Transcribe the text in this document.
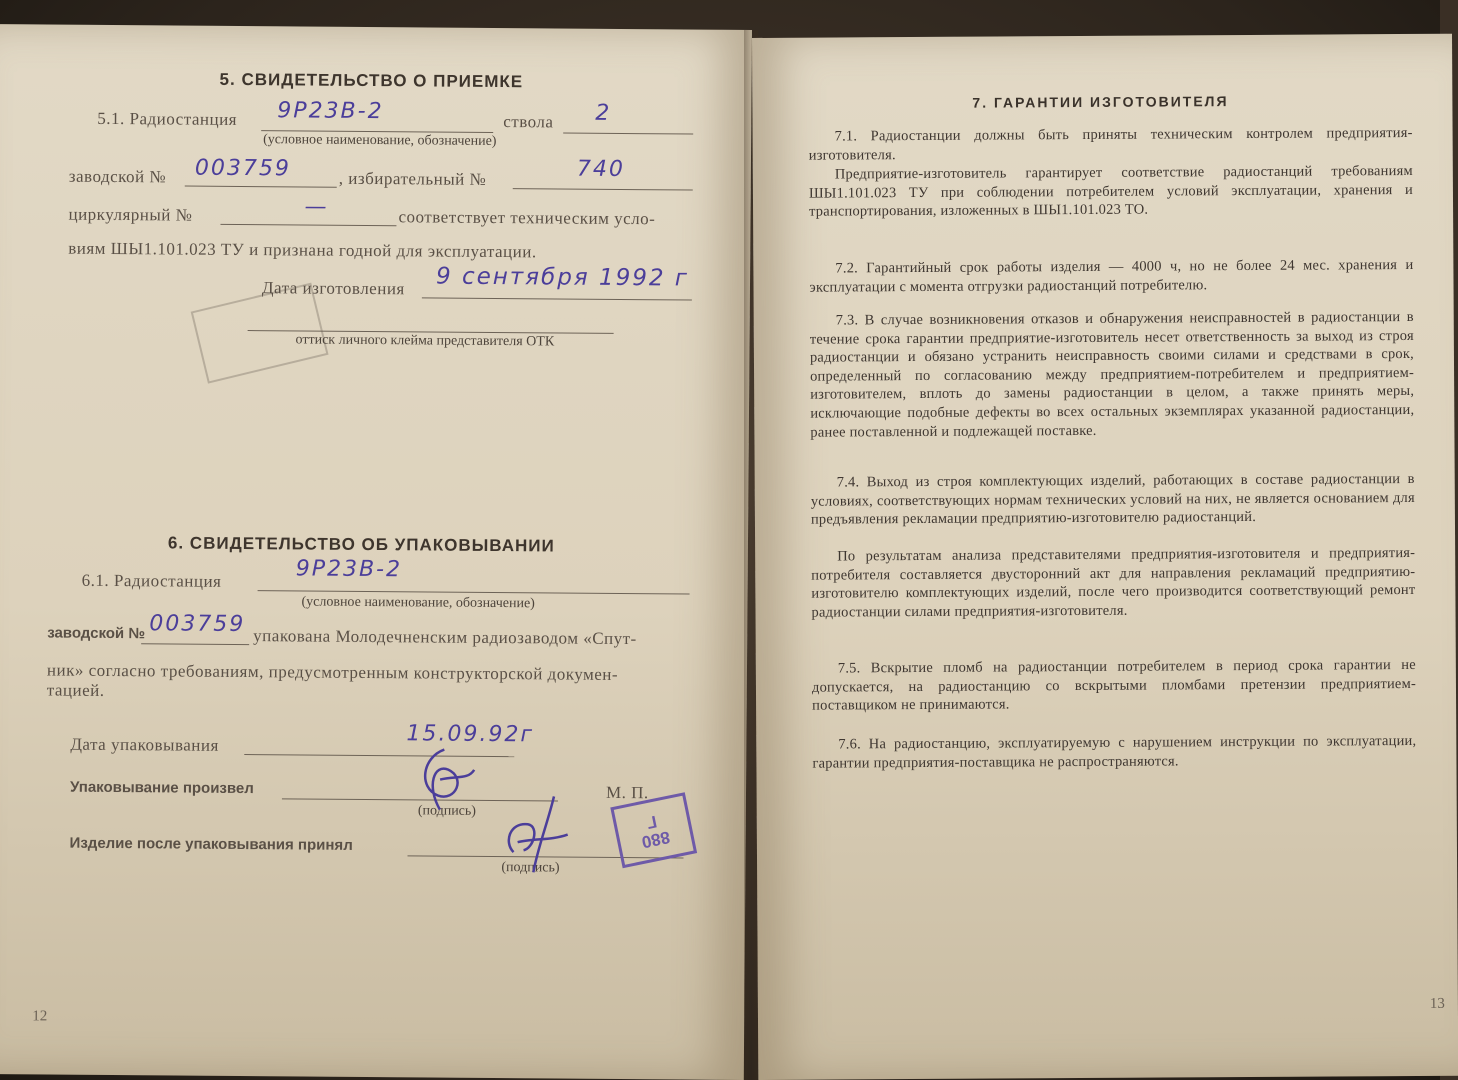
5. СВИДЕТЕЛЬСТВО О ПРИЕМКЕ
5.1. Радиостанция 9Р23В-2	ствола 2
(условное наименование, обозначение)
заводской № 003759	, избирательный №	740
циркулярный №	—	соответствует техническим усло-
виям ШЫ1.101.023 ТУ и признана годной для эксплуатации.
Дата изготовления 9 сентября 1992 г
оттиск личного клейма представителя ОТК
6. СВИДЕТЕЛЬСТВО ОБ УПАКОВЫВАНИИ
6.1. Радиостанция	9Р23В-2
(условное наименование, обозначение)
заводской № 003759
упакована Молодечненским радиозаводом «Спут-
ник» согласно требованиям, предусмотренным конструкторской докумен-
тацией.
Дата упаковывания	15.09.92г
Упаковывание произвел	М. П.
(подпись)
Изделие после упаковывания принял
(подпись)
Г
880
12
7. ГАРАНТИИ ИЗГОТОВИТЕЛЯ
7.1. Радиостанции должны быть приняты техническим контролем предприятия-изготовителя.
Предприятие-изготовитель гарантирует соответствие радиостанций требованиям ШЫ1.101.023 ТУ при соблюдении потребителем условий эксплуатации, хранения и транспортирования, изложенных в ШЫ1.101.023 ТО.
7.2. Гарантийный срок работы изделия — 4000 ч, но не более 24 мес. хранения и эксплуатации с момента отгрузки радиостанций потребителю.
7.3. В случае возникновения отказов и обнаружения неисправностей в радиостанции в течение срока гарантии предприятие-изготовитель несет ответственность за выход из строя радиостанции и обязано устранить неисправность своими силами и средствами в срок, определенный по согласованию между предприятием-потребителем и предприятием-изготовителем, вплоть до замены радиостанции в целом, а также принять меры, исключающие подобные дефекты во всех остальных экземплярах указанной радиостанции, ранее поставленной и подлежащей поставке.
7.4. Выход из строя комплектующих изделий, работающих в составе радиостанции в условиях, соответствующих нормам технических условий на них, не является основанием для предъявления рекламации предприятию-изготовителю радиостанций.
По результатам анализа представителями предприятия-изготовителя и предприятия-потребителя составляется двусторонний акт для направления рекламаций предприятию-изготовителю комплектующих изделий, после чего производится соответствующий ремонт радиостанции силами предприятия-изготовителя.
7.5. Вскрытие пломб на радиостанции потребителем в период срока гарантии не допускается, на радиостанцию со вскрытыми пломбами претензии предприятием-поставщиком не принимаются.
7.6. На радиостанцию, эксплуатируемую с нарушением инструкции по эксплуатации, гарантии предприятия-поставщика не распространяются.
13
